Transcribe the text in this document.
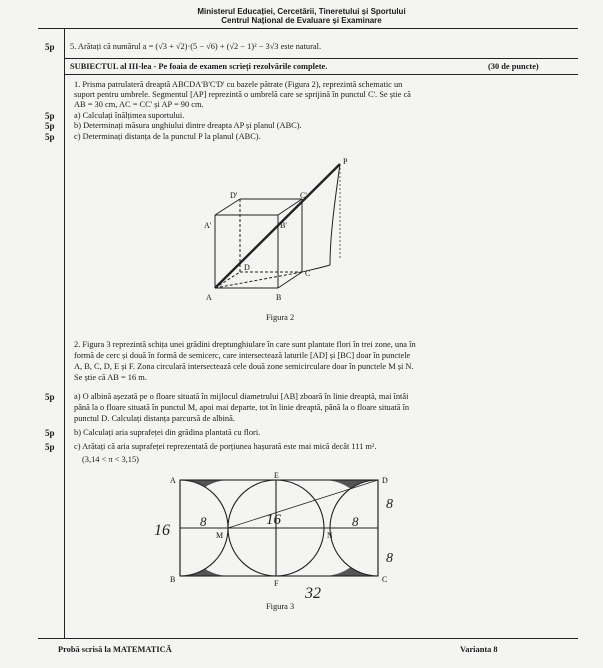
Ministerul Educației, Cercetării, Tineretului și Sportului
Centrul Național de Evaluare și Examinare
5p 5. Arătați că numărul a = (√3 + √2)·(5 − √6) + (√2 − 1)² − 3√3 este natural.
SUBIECTUL al III-lea - Pe foaia de examen scrieți rezolvările complete.	(30 de puncte)
1. Prisma patrulateră dreaptă ABCDA'B'C'D' cu bazele pătrate (Figura 2), reprezintă schematic un
suport pentru umbrele. Segmentul [AP] reprezintă o umbrelă care se sprijină în punctul C'. Se știe că
AB = 30 cm, AC = CC' și AP = 90 cm.
5p a) Calculați înălțimea suportului.
5p b) Determinați măsura unghiului dintre dreapta AP și planul (ABC).
5p c) Determinați distanța de la punctul P la planul (ABC).
A	B
C
D
A'	B'
C'
D'
P
Figura 2
2. Figura 3 reprezintă schița unei grădini dreptunghiulare în care sunt plantate flori în trei zone, una în
formă de cerc și două în formă de semicerc, care intersectează laturile [AD] și [BC] doar în punctele
A, B, C, D, E și F. Zona circulară intersectează cele două zone semicirculare doar în punctele M și N.
Se știe că AB = 16 m.
5p a) O albină așezată pe o floare situată în mijlocul diametrului [AB] zboară în linie dreaptă, mai întâi
până la o floare situată în punctul M, apoi mai departe, tot în linie dreaptă, până la o floare situată în
punctul D. Calculați distanța parcursă de albină.
5p b) Calculați aria suprafeței din grădina plantată cu flori.
5p c) Arătați că aria suprafeței reprezentată de porțiunea hașurată este mai mică decât 111 m².
(3,14 < π < 3,15)
A
B	C
D
E
F
M	N
16
8	16
8
8
8
32
Figura 3
Probă scrisă la MATEMATICĂ	Varianta 8
